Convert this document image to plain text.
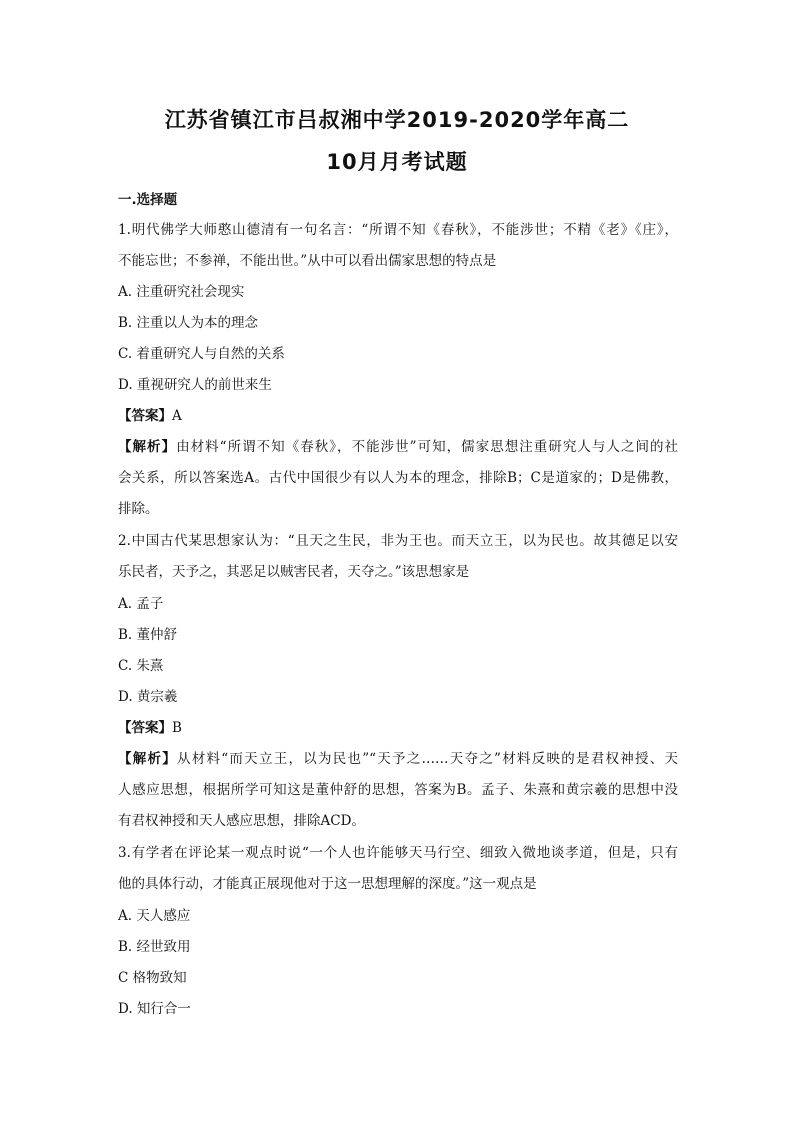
江苏省镇江市吕叔湘中学2019-2020学年高二
10月月考试题
一.选择题
1.明代佛学大师憨山德清有一句名言：“所谓不知《春秋》，不能涉世；不精《老》《庄》，
不能忘世；不参禅，不能出世。”从中可以看出儒家思想的特点是
A. 注重研究社会现实
B. 注重以人为本的理念
C. 着重研究人与自然的关系
D. 重视研究人的前世来生
【答案】A
【解析】由材料“所谓不知《春秋》，不能涉世”可知，儒家思想注重研究人与人之间的社
会关系，所以答案选A。古代中国很少有以人为本的理念，排除B；C是道家的；D是佛教，
排除。
2.中国古代某思想家认为：“且天之生民，非为王也。而天立王，以为民也。故其德足以安
乐民者，天予之，其恶足以贼害民者，天夺之。”该思想家是
A. 孟子
B. 董仲舒
C. 朱熹
D. 黄宗羲
【答案】B
【解析】从材料“而天立王，以为民也”“天予之……天夺之”材料反映的是君权神授、天
人感应思想，根据所学可知这是董仲舒的思想，答案为B。孟子、朱熹和黄宗羲的思想中没
有君权神授和天人感应思想，排除ACD。
3.有学者在评论某一观点时说“一个人也许能够天马行空、细致入微地谈孝道，但是，只有
他的具体行动，才能真正展现他对于这一思想理解的深度。”这一观点是
A. 天人感应
B. 经世致用
C 格物致知
D. 知行合一
